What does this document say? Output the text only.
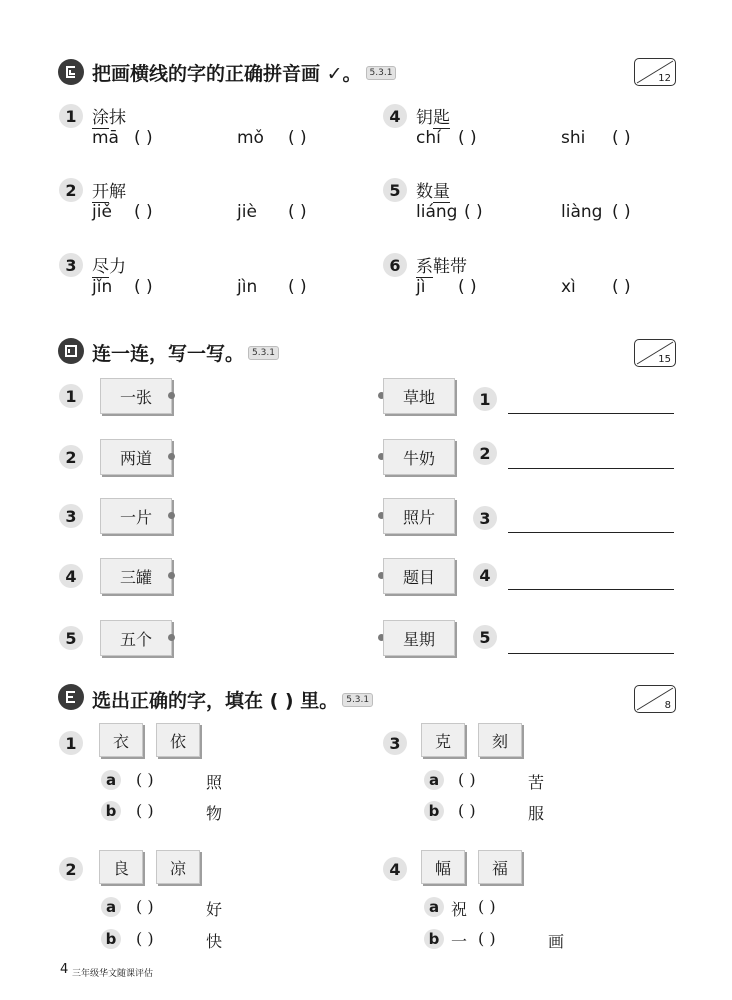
把画横线的字的正确拼音画 ✓。 5.3.1
12
1 涂抹
mā ( )	mǒ ( )
2 开解
jiě ( )	jiè ( )
3 尽力
jǐn ( )	jìn ( )
4 钥匙
chí ( )	shi ( )
5 数量
liáng ( )	liàng ( )
6 系鞋带
jì ( )	xì ( )
连一连，写一写。 5.3.1
15
1	一张	草地	1
2	两道	牛奶	2
3	一片	照片	3
4	三罐	题目	4
5	五个	星期	5
选出正确的字，填在 ( ) 里。 5.3.1
8
1	衣	依
a	( )	照
b ( )	物
2	良	凉
a	( )	好
b ( )	快
3	克	刻
a	( )	苦
b ( )	服
4	幅	福
a 祝 ( )
b 一 ( )	画
4 三年级华文随课评估
